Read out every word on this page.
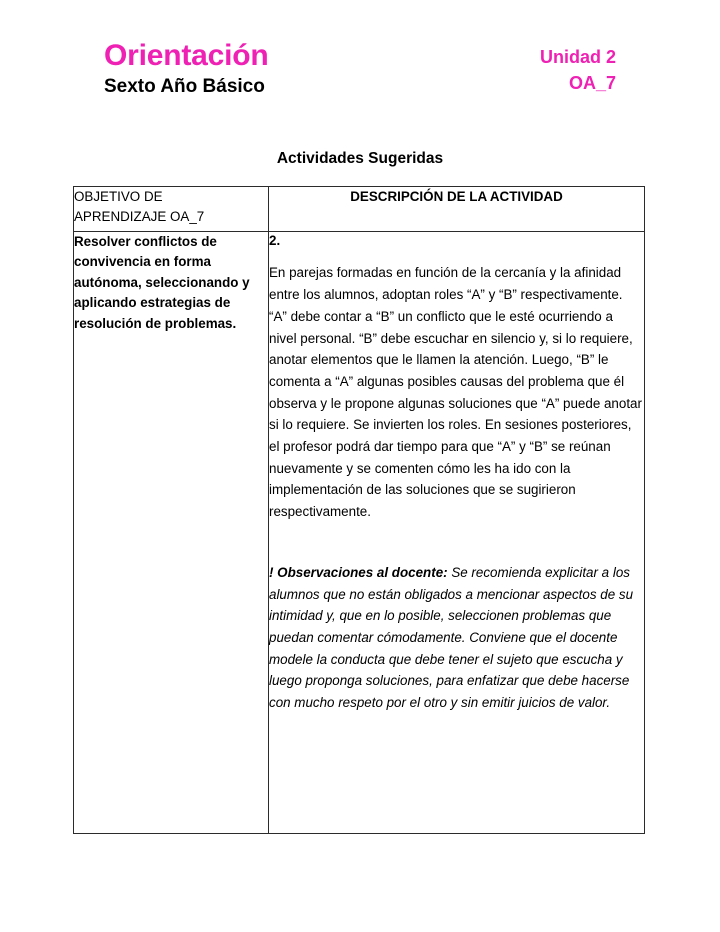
Orientación
Sexto Año Básico
Unidad 2
OA_7
Actividades Sugeridas
OBJETIVO DE
APRENDIZAJE OA_7	DESCRIPCIÓN DE LA ACTIVIDAD
Resolver conflictos de convivencia en forma autónoma, seleccionando y aplicando estrategias de resolución de problemas.	2.

En parejas formadas en función de la cercanía y la afinidad entre los alumnos, adoptan roles “A” y “B” respectivamente. “A” debe contar a “B” un conflicto que le esté ocurriendo a nivel personal. “B” debe escuchar en silencio y, si lo requiere, anotar elementos que le llamen la atención. Luego, “B” le comenta a “A” algunas posibles causas del problema que él observa y le propone algunas soluciones que “A” puede anotar si lo requiere. Se invierten los roles. En sesiones posteriores, el profesor podrá dar tiempo para que “A” y “B” se reúnan nuevamente y se comenten cómo les ha ido con la implementación de las soluciones que se sugirieron respectivamente.

! Observaciones al docente: Se recomienda explicitar a los alumnos que no están obligados a mencionar aspectos de su intimidad y, que en lo posible, seleccionen problemas que puedan comentar cómodamente. Conviene que el docente modele la conducta que debe tener el sujeto que escucha y luego proponga soluciones, para enfatizar que debe hacerse con mucho respeto por el otro y sin emitir juicios de valor.
